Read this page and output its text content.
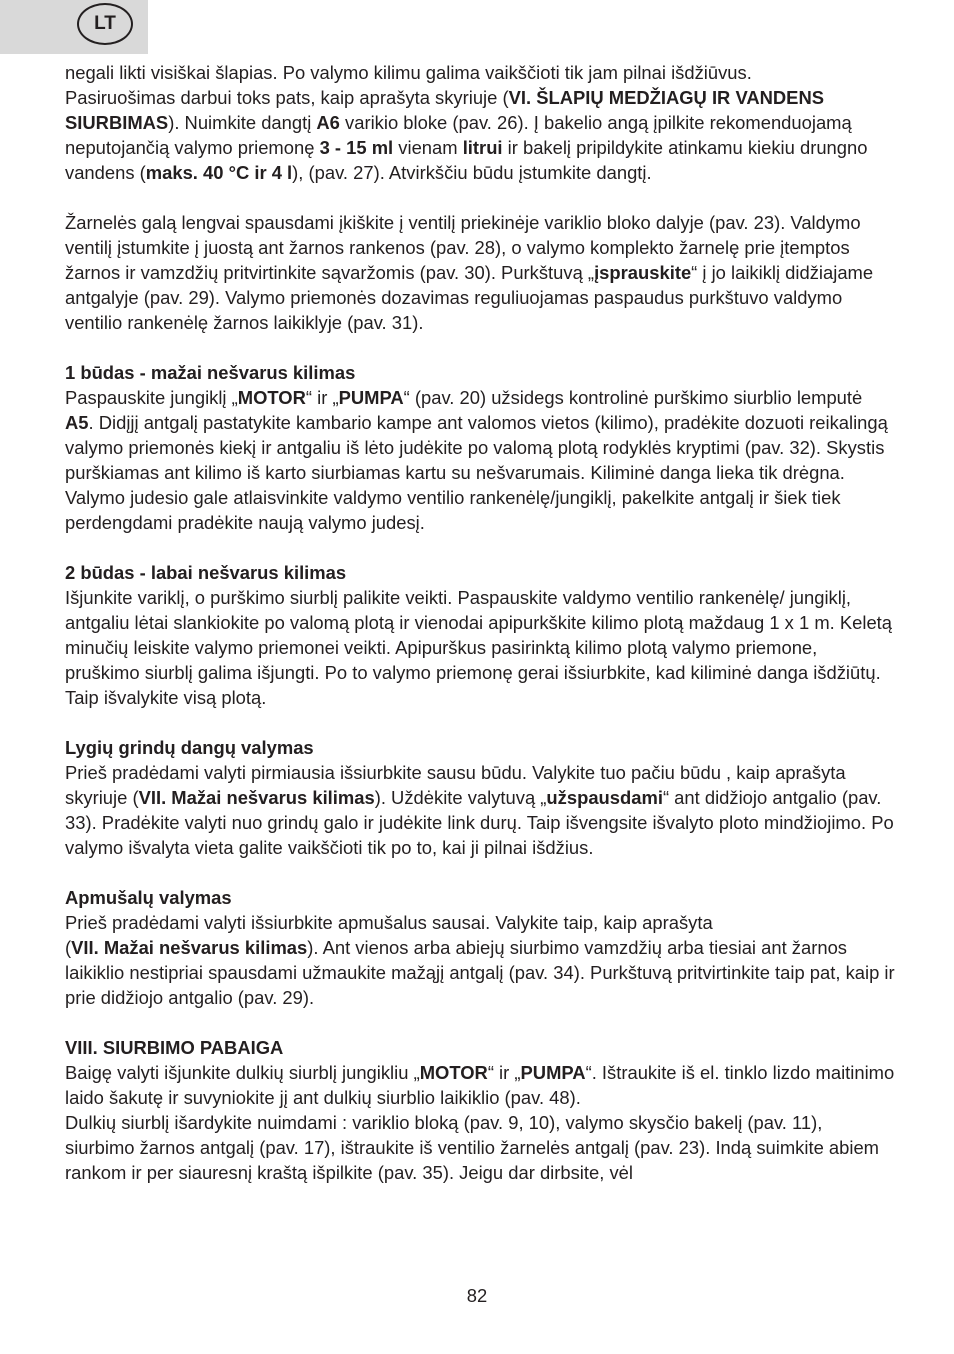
LT

negali likti visiškai šlapias. Po valymo kilimu galima vaikščioti tik jam pilnai išdžiūvus.
Pasiruošimas darbui toks pats, kaip aprašyta skyriuje (VI. ŠLAPIŲ MEDŽIAGŲ IR VANDENS SIURBIMAS). Nuimkite dangtį A6 varikio bloke (pav. 26). Į bakelio angą įpilkite rekomenduojamą neputojančią valymo priemonę 3 - 15 ml vienam litrui ir bakelį pripildykite atinkamu kiekiu drungno vandens (maks. 40 °C ir 4 l), (pav. 27). Atvirkščiu būdu įstumkite dangtį.

Žarnelės galą lengvai spausdami įkiškite į ventilį priekinėje variklio bloko dalyje (pav. 23). Valdymo ventilį įstumkite į juostą ant žarnos rankenos (pav. 28), o valymo komplekto žarnelę prie įtemptos žarnos ir vamzdžių pritvirtinkite sąvaržomis (pav. 30). Purkštuvą „įsprauskite“ į jo laikiklį didžiajame antgalyje (pav. 29). Valymo priemonės dozavimas reguliuojamas paspaudus purkštuvo valdymo ventilio rankenėlę žarnos laikiklyje (pav. 31).

1 būdas - mažai nešvarus kilimas
Paspauskite jungiklį „MOTOR“ ir „PUMPA“ (pav. 20) užsidegs kontrolinė purškimo siurblio lemputė A5. Didįjį antgalį pastatykite kambario kampe ant valomos vietos (kilimo), pradėkite dozuoti reikalingą valymo priemonės kiekį ir antgaliu iš lėto judėkite po valomą plotą rodyklės kryptimi (pav. 32). Skystis purškiamas ant kilimo iš karto siurbiamas kartu su nešvarumais. Kiliminė danga lieka tik drėgna. Valymo judesio gale atlaisvinkite valdymo ventilio rankenėlę/jungiklį, pakelkite antgalį ir šiek tiek perdengdami pradėkite naują valymo judesį.

2 būdas - labai nešvarus kilimas
Išjunkite variklį, o purškimo siurblį palikite veikti. Paspauskite valdymo ventilio rankenėlę/ jungiklį, antgaliu lėtai slankiokite po valomą plotą ir vienodai apipurkškite kilimo plotą maždaug 1 x 1 m. Keletą minučių leiskite valymo priemonei veikti. Apipurškus pasirinktą kilimo plotą valymo priemone, pruškimo siurblį galima išjungti. Po to valymo priemonę gerai išsiurbkite, kad kiliminė danga išdžiūtų. Taip išvalykite visą plotą.

Lygių grindų dangų valymas
Prieš pradėdami valyti pirmiausia išsiurbkite sausu būdu. Valykite tuo pačiu būdu , kaip aprašyta skyriuje (VII. Mažai nešvarus kilimas). Uždėkite valytuvą „užspausdami“ ant didžiojo antgalio (pav. 33). Pradėkite valyti nuo grindų galo ir judėkite link durų. Taip išvengsite išvalyto ploto mindžiojimo. Po valymo išvalyta vieta galite vaikščioti tik po to, kai ji pilnai išdžius.

Apmušalų valymas
Prieš pradėdami valyti išsiurbkite apmušalus sausai. Valykite taip, kaip aprašyta
(VII. Mažai nešvarus kilimas). Ant vienos arba abiejų siurbimo vamzdžių arba tiesiai ant žarnos laikiklio nestipriai spausdami užmaukite mažąjį antgalį (pav. 34). Purkštuvą pritvirtinkite taip pat, kaip ir prie didžiojo antgalio (pav. 29).

VIII. SIURBIMO PABAIGA
Baigę valyti išjunkite dulkių siurblį jungikliu „MOTOR“ ir „PUMPA“. Ištraukite iš el. tinklo lizdo maitinimo laido šakutę ir suvyniokite jį ant dulkių siurblio laikiklio (pav. 48).
Dulkių siurblį išardykite nuimdami : variklio bloką (pav. 9, 10), valymo skysčio bakelį (pav. 11), siurbimo žarnos antgalį (pav. 17), ištraukite iš ventilio žarnelės antgalį (pav. 23). Indą suimkite abiem rankom ir per siauresnį kraštą išpilkite (pav. 35). Jeigu dar dirbsite, vėl

82
